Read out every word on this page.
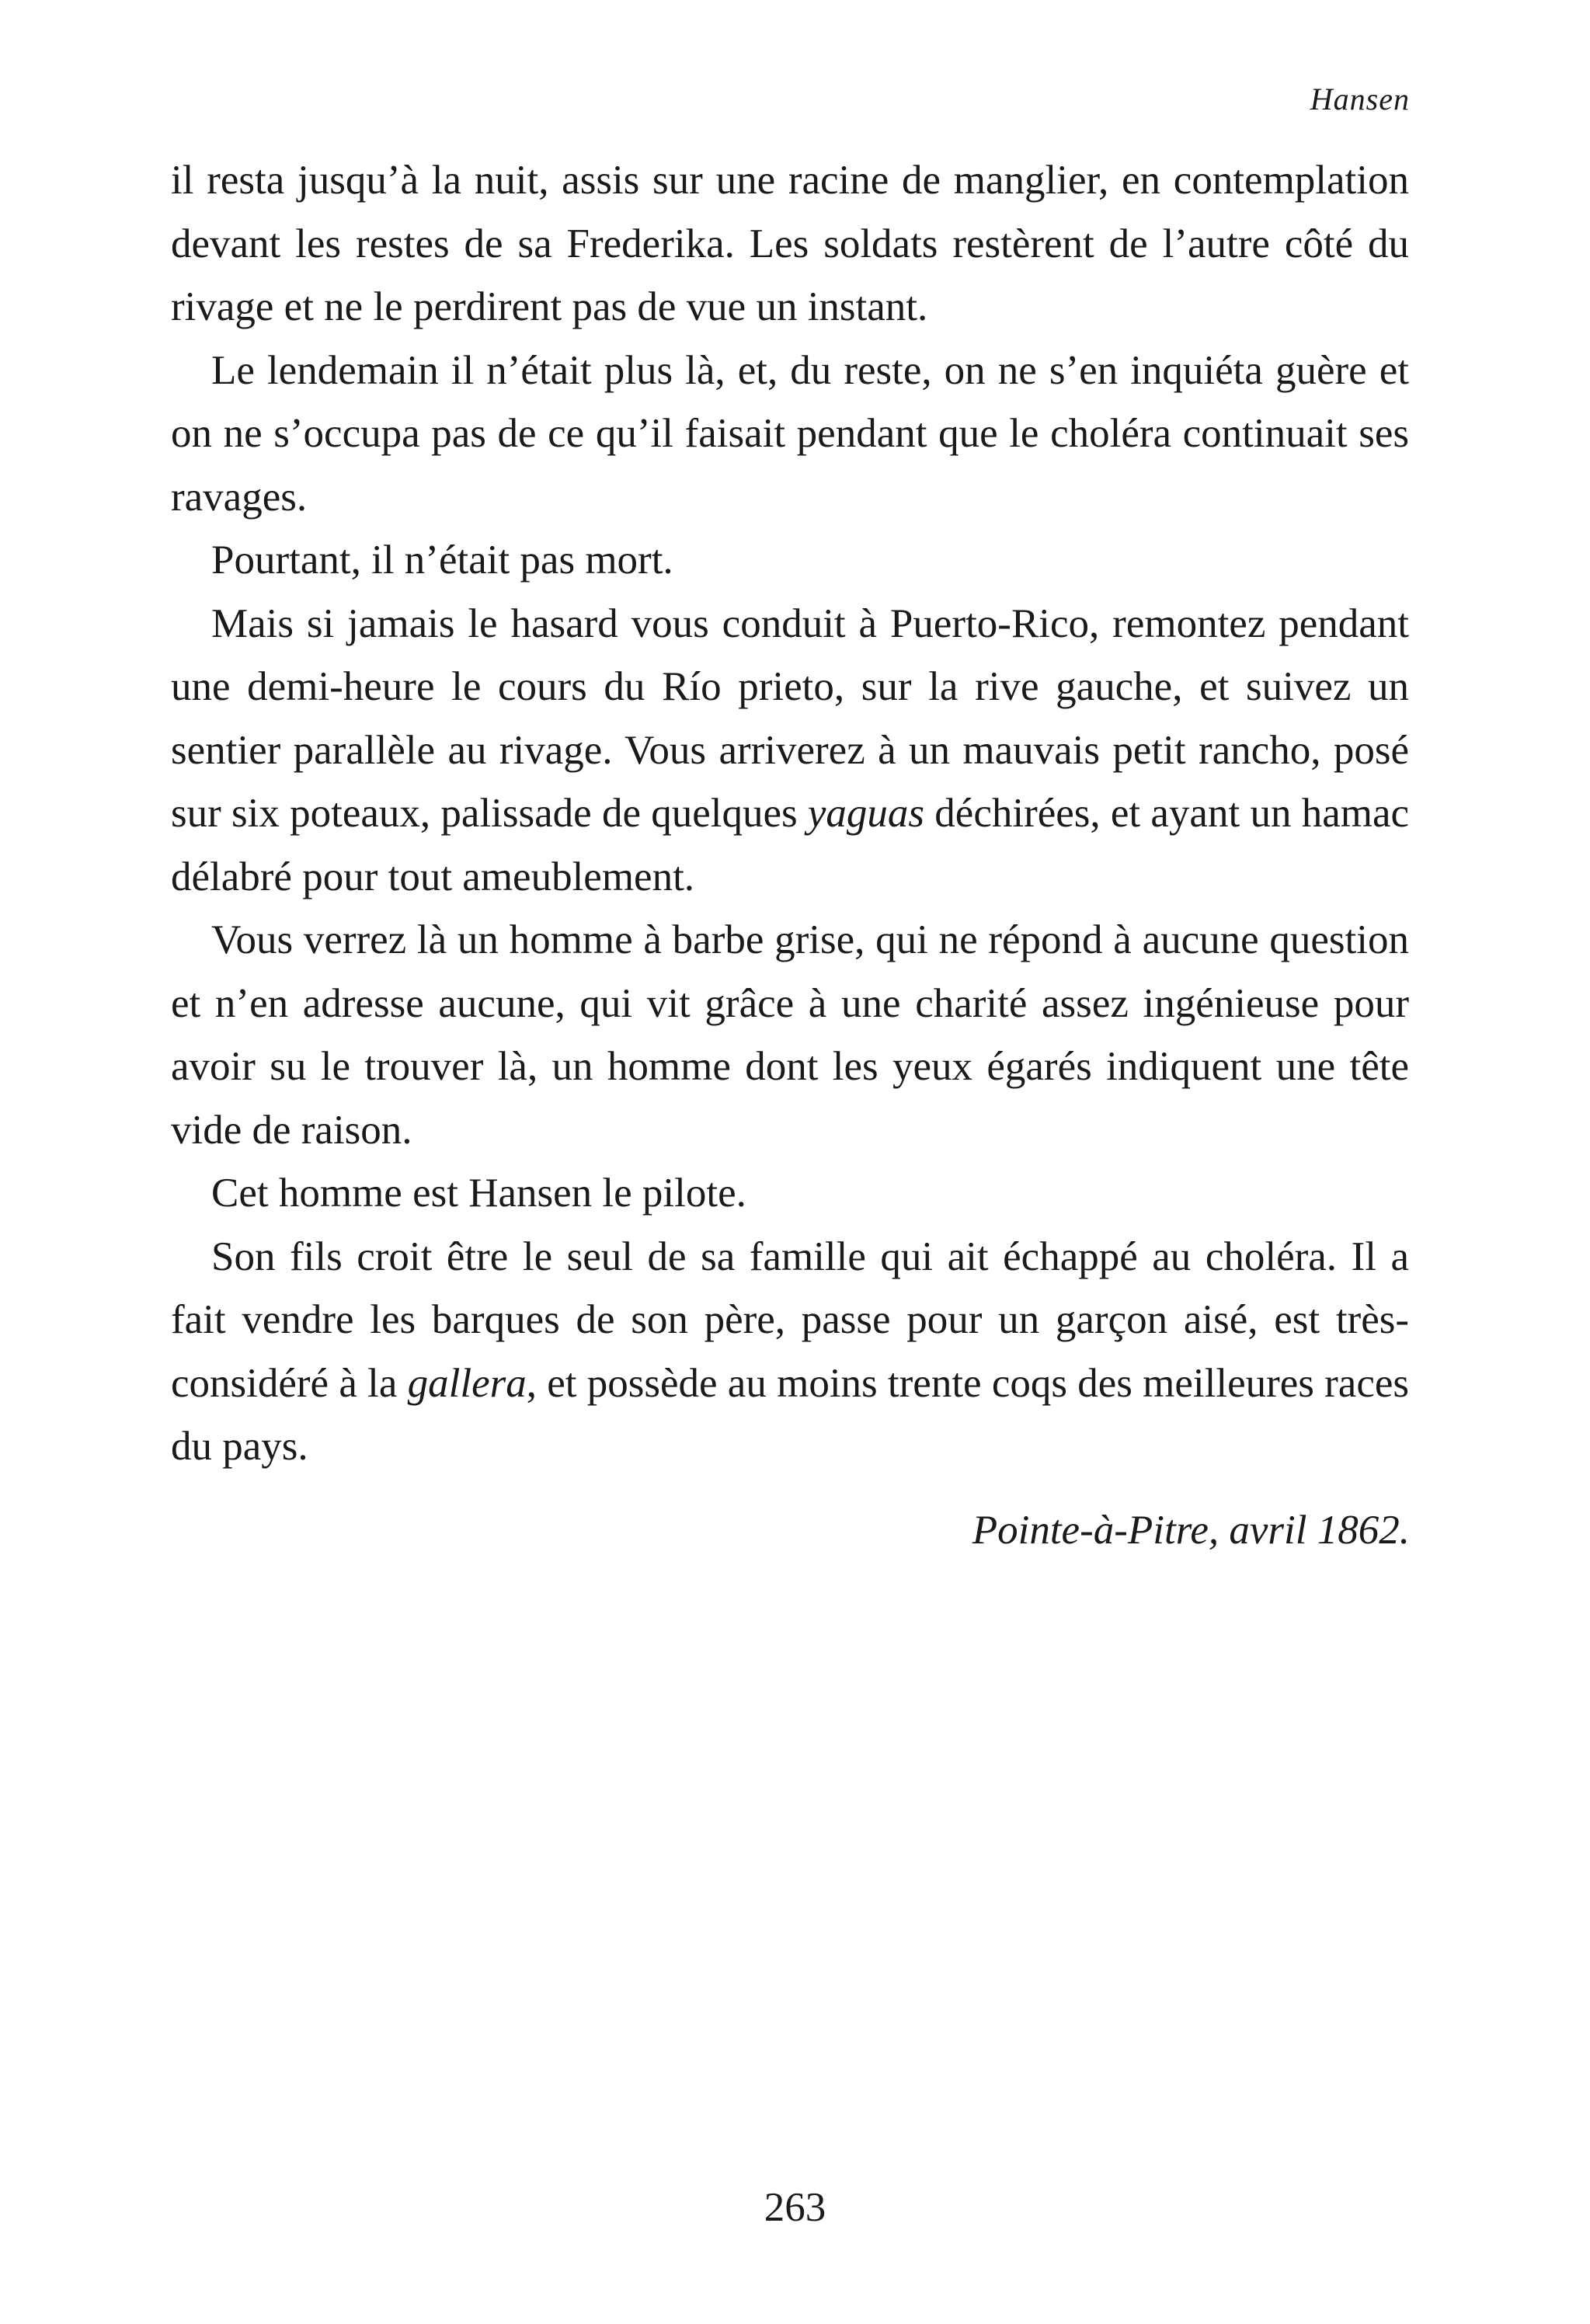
Hansen

il resta jusqu’à la nuit, assis sur une racine de manglier, en contemplation devant les restes de sa Frederika. Les soldats restèrent de l’autre côté du rivage et ne le perdirent pas de vue un instant.

Le lendemain il n’était plus là, et, du reste, on ne s’en inquiéta guère et on ne s’occupa pas de ce qu’il faisait pendant que le choléra continuait ses ravages.

Pourtant, il n’était pas mort.

Mais si jamais le hasard vous conduit à Puerto-Rico, remontez pendant une demi-heure le cours du Río prieto, sur la rive gauche, et suivez un sentier parallèle au rivage. Vous arriverez à un mauvais petit rancho, posé sur six poteaux, palissade de quelques yaguas déchirées, et ayant un hamac délabré pour tout ameublement.

Vous verrez là un homme à barbe grise, qui ne répond à aucune question et n’en adresse aucune, qui vit grâce à une charité assez ingénieuse pour avoir su le trouver là, un homme dont les yeux égarés indiquent une tête vide de raison.

Cet homme est Hansen le pilote.

Son fils croit être le seul de sa famille qui ait échappé au choléra. Il a fait vendre les barques de son père, passe pour un garçon aisé, est très-considéré à la gallera, et possède au moins trente coqs des meilleures races du pays.

Pointe-à-Pitre, avril 1862.
263
